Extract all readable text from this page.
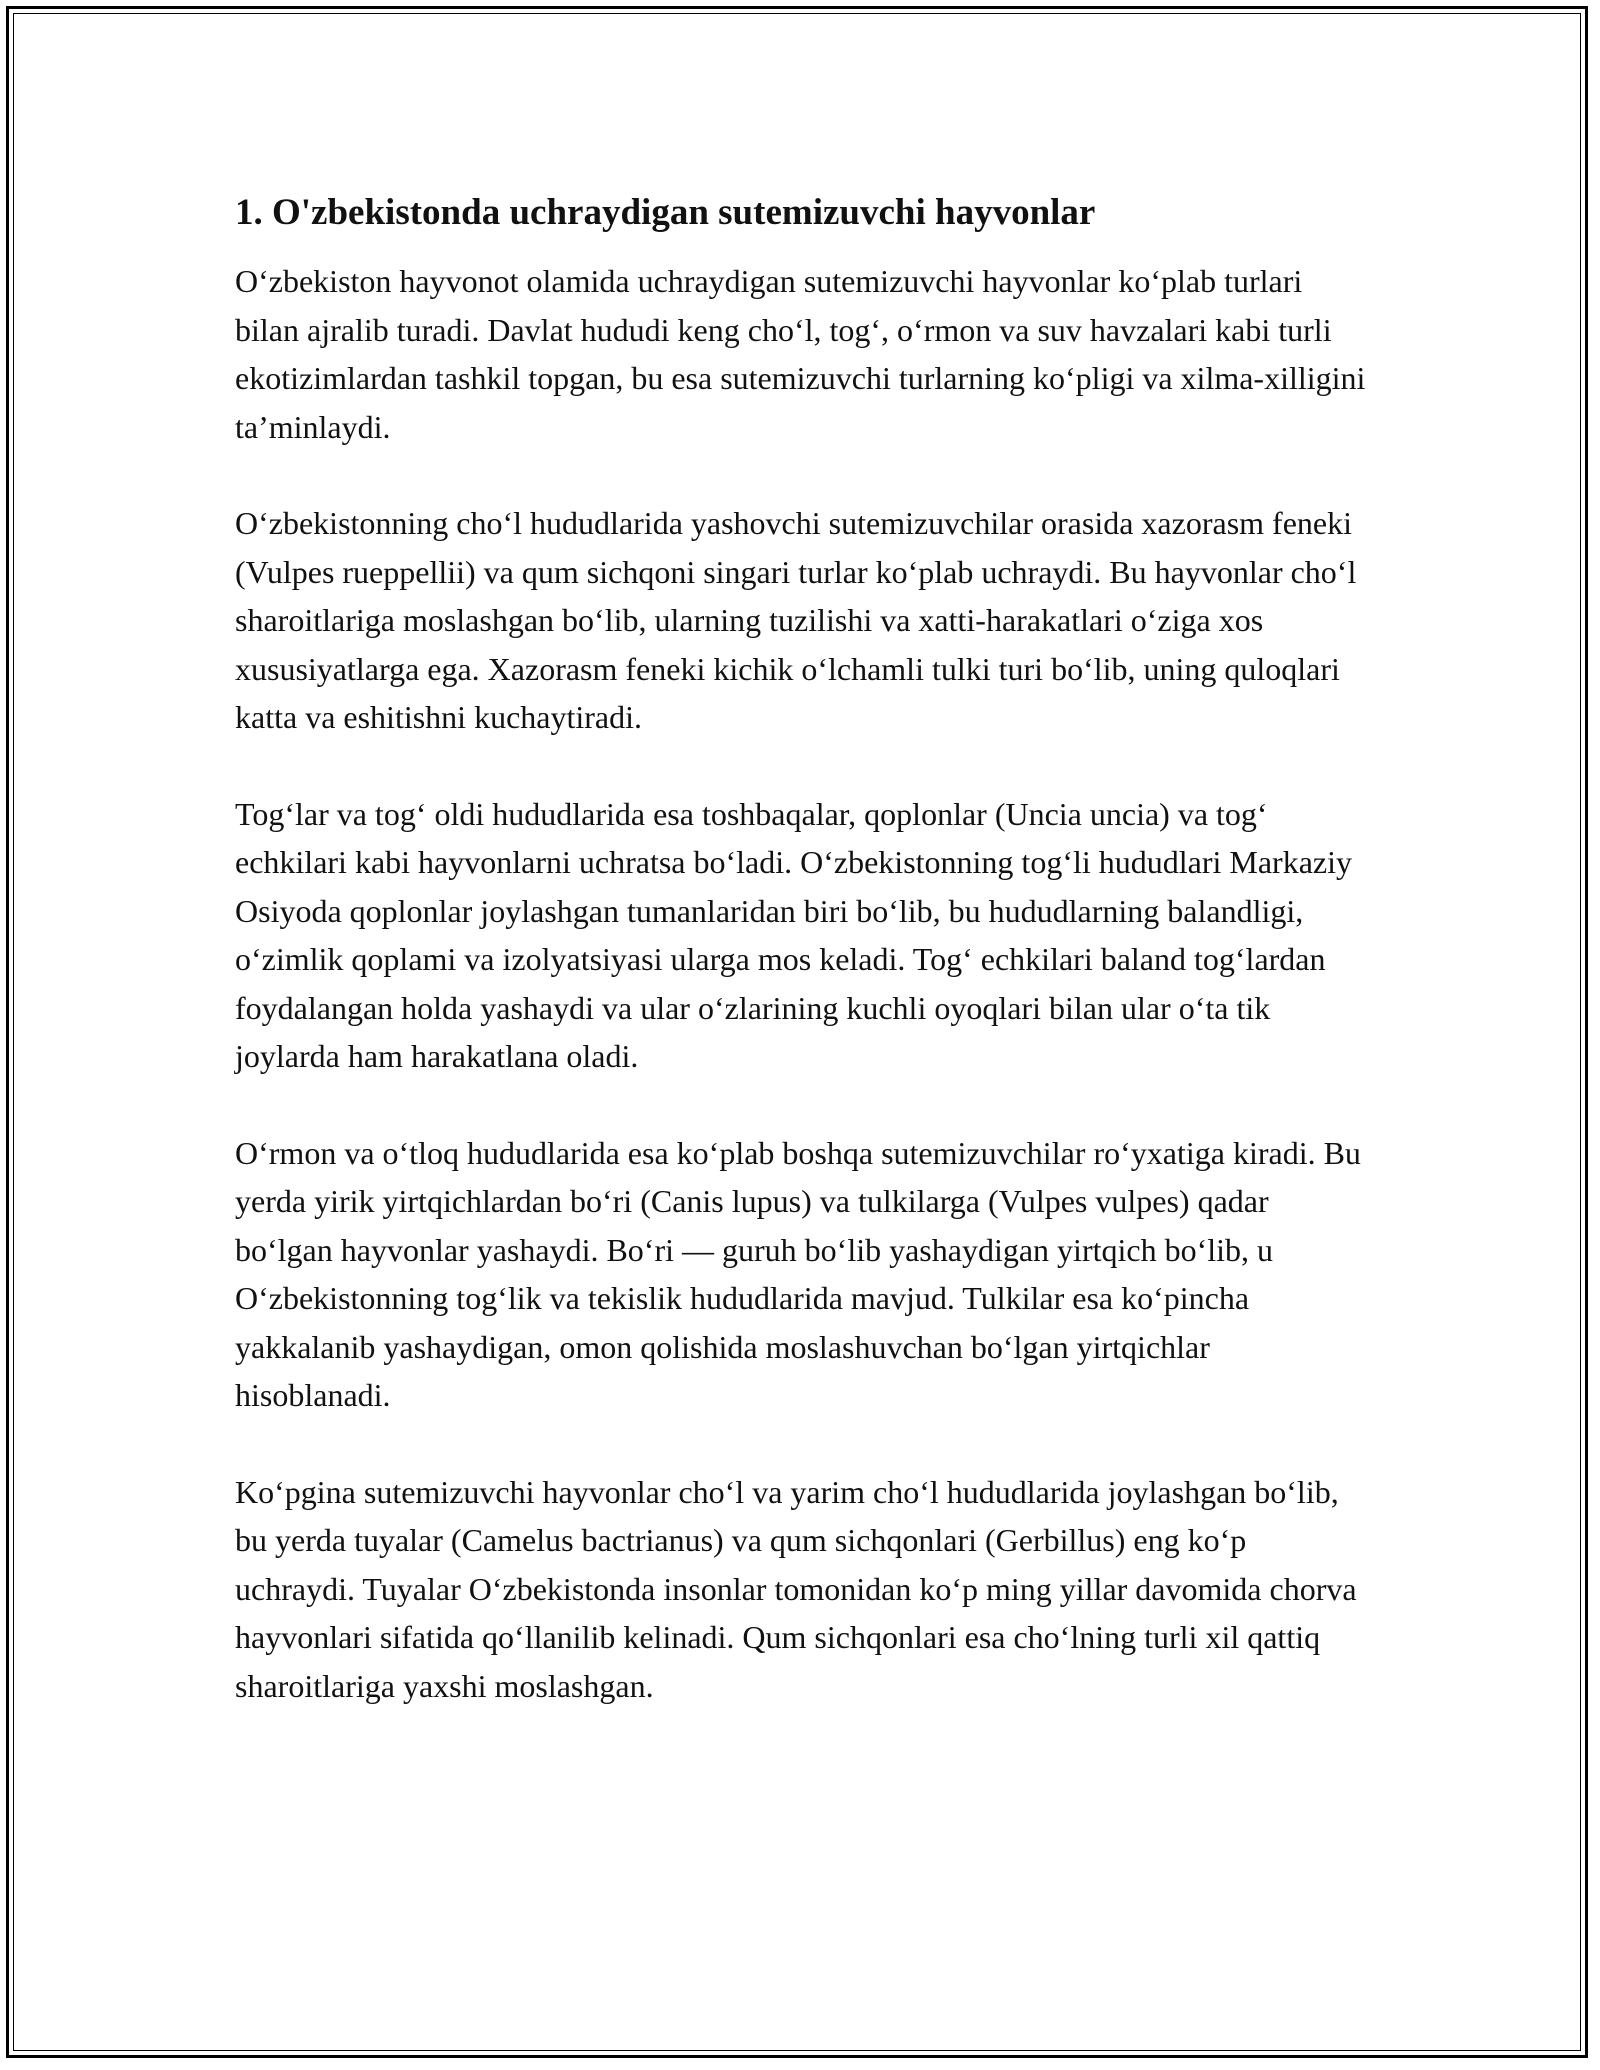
1. O'zbekistonda uchraydigan sutemizuvchi hayvonlar

O‘zbekiston hayvonot olamida uchraydigan sutemizuvchi hayvonlar ko‘plab turlari bilan ajralib turadi. Davlat hududi keng cho‘l, tog‘, o‘rmon va suv havzalari kabi turli ekotizimlardan tashkil topgan, bu esa sutemizuvchi turlarning ko‘pligi va xilma-xilligini ta’minlaydi.

O‘zbekistonning cho‘l hududlarida yashovchi sutemizuvchilar orasida xazorasm feneki (Vulpes rueppellii) va qum sichqoni singari turlar ko‘plab uchraydi. Bu hayvonlar cho‘l sharoitlariga moslashgan bo‘lib, ularning tuzilishi va xatti-harakatlari o‘ziga xos xususiyatlarga ega. Xazorasm feneki kichik o‘lchamli tulki turi bo‘lib, uning quloqlari katta va eshitishni kuchaytiradi.

Tog‘lar va tog‘ oldi hududlarida esa toshbaqalar, qoplonlar (Uncia uncia) va tog‘ echkilari kabi hayvonlarni uchratsa bo‘ladi. O‘zbekistonning tog‘li hududlari Markaziy Osiyoda qoplonlar joylashgan tumanlaridan biri bo‘lib, bu hududlarning balandligi, o‘zimlik qoplami va izolyatsiyasi ularga mos keladi. Tog‘ echkilari baland tog‘lardan foydalangan holda yashaydi va ular o‘zlarining kuchli oyoqlari bilan ular o‘ta tik joylarda ham harakatlana oladi.

O‘rmon va o‘tloq hududlarida esa ko‘plab boshqa sutemizuvchilar ro‘yxatiga kiradi. Bu yerda yirik yirtqichlardan bo‘ri (Canis lupus) va tulkilarga (Vulpes vulpes) qadar bo‘lgan hayvonlar yashaydi. Bo‘ri — guruh bo‘lib yashaydigan yirtqich bo‘lib, u O‘zbekistonning tog‘lik va tekislik hududlarida mavjud. Tulkilar esa ko‘pincha yakkalanib yashaydigan, omon qolishida moslashuvchan bo‘lgan yirtqichlar hisoblanadi.

Ko‘pgina sutemizuvchi hayvonlar cho‘l va yarim cho‘l hududlarida joylashgan bo‘lib, bu yerda tuyalar (Camelus bactrianus) va qum sichqonlari (Gerbillus) eng ko‘p uchraydi. Tuyalar O‘zbekistonda insonlar tomonidan ko‘p ming yillar davomida chorva hayvonlari sifatida qo‘llanilib kelinadi. Qum sichqonlari esa cho‘lning turli xil qattiq sharoitlariga yaxshi moslashgan.
